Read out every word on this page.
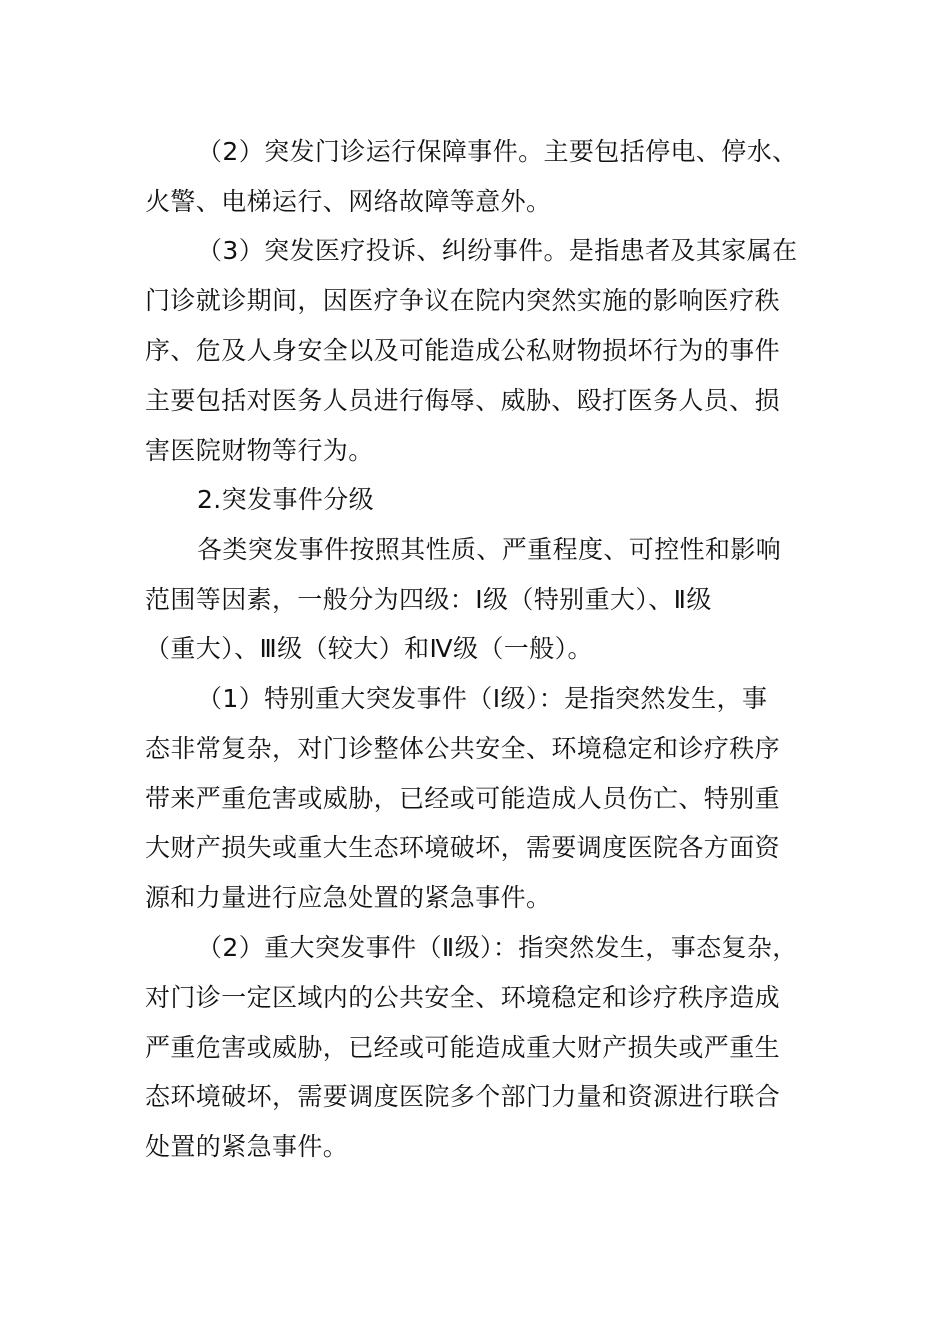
（2）突发门诊运行保障事件。主要包括停电、停水、
火警、电梯运行、网络故障等意外。
（3）突发医疗投诉、纠纷事件。是指患者及其家属在
门诊就诊期间，因医疗争议在院内突然实施的影响医疗秩
序、危及人身安全以及可能造成公私财物损坏行为的事件
主要包括对医务人员进行侮辱、威胁、殴打医务人员、损
害医院财物等行为。
2.突发事件分级
各类突发事件按照其性质、严重程度、可控性和影响
范围等因素，一般分为四级：Ⅰ级（特别重大）、Ⅱ级
（重大）、Ⅲ级（较大）和Ⅳ级（一般）。
（1）特别重大突发事件（Ⅰ级）：是指突然发生，事
态非常复杂，对门诊整体公共安全、环境稳定和诊疗秩序
带来严重危害或威胁，已经或可能造成人员伤亡、特别重
大财产损失或重大生态环境破坏，需要调度医院各方面资
源和力量进行应急处置的紧急事件。
（2）重大突发事件（Ⅱ级）：指突然发生，事态复杂，
对门诊一定区域内的公共安全、环境稳定和诊疗秩序造成
严重危害或威胁，已经或可能造成重大财产损失或严重生
态环境破坏，需要调度医院多个部门力量和资源进行联合
处置的紧急事件。
